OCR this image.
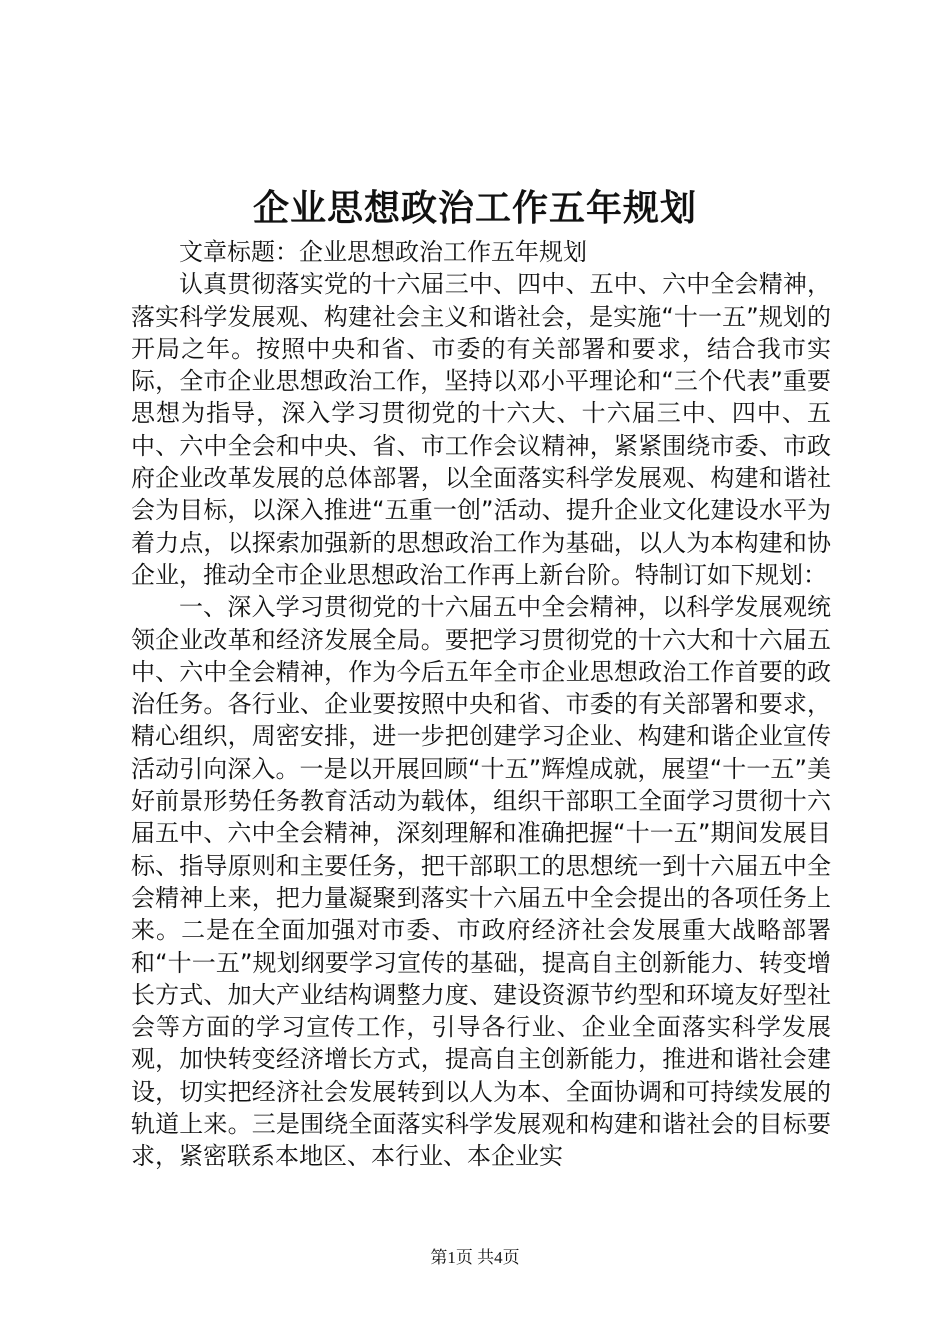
企业思想政治工作五年规划

文章标题：企业思想政治工作五年规划

认真贯彻落实党的十六届三中、四中、五中、六中全会精神，落实科学发展观、构建社会主义和谐社会，是实施“十一五”规划的开局之年。按照中央和省、市委的有关部署和要求，结合我市实际，全市企业思想政治工作，坚持以邓小平理论和“三个代表”重要思想为指导，深入学习贯彻党的十六大、十六届三中、四中、五中、六中全会和中央、省、市工作会议精神，紧紧围绕市委、市政府企业改革发展的总体部署，以全面落实科学发展观、构建和谐社会为目标，以深入推进“五重一创”活动、提升企业文化建设水平为着力点，以探索加强新的思想政治工作为基础，以人为本构建和协企业，推动全市企业思想政治工作再上新台阶。特制订如下规划：

一、深入学习贯彻党的十六届五中全会精神，以科学发展观统领企业改革和经济发展全局。要把学习贯彻党的十六大和十六届五中、六中全会精神，作为今后五年全市企业思想政治工作首要的政治任务。各行业、企业要按照中央和省、市委的有关部署和要求，精心组织，周密安排，进一步把创建学习企业、构建和谐企业宣传活动引向深入。一是以开展回顾“十五”辉煌成就，展望“十一五”美好前景形势任务教育活动为载体，组织干部职工全面学习贯彻十六届五中、六中全会精神，深刻理解和准确把握“十一五”期间发展目标、指导原则和主要任务，把干部职工的思想统一到十六届五中全会精神上来，把力量凝聚到落实十六届五中全会提出的各项任务上来。二是在全面加强对市委、市政府经济社会发展重大战略部署和“十一五”规划纲要学习宣传的基础，提高自主创新能力、转变增长方式、加大产业结构调整力度、建设资源节约型和环境友好型社会等方面的学习宣传工作，引导各行业、企业全面落实科学发展观，加快转变经济增长方式，提高自主创新能力，推进和谐社会建设，切实把经济社会发展转到以人为本、全面协调和可持续发展的轨道上来。三是围绕全面落实科学发展观和构建和谐社会的目标要求，紧密联系本地区、本行业、本企业实

第1页 共4页
